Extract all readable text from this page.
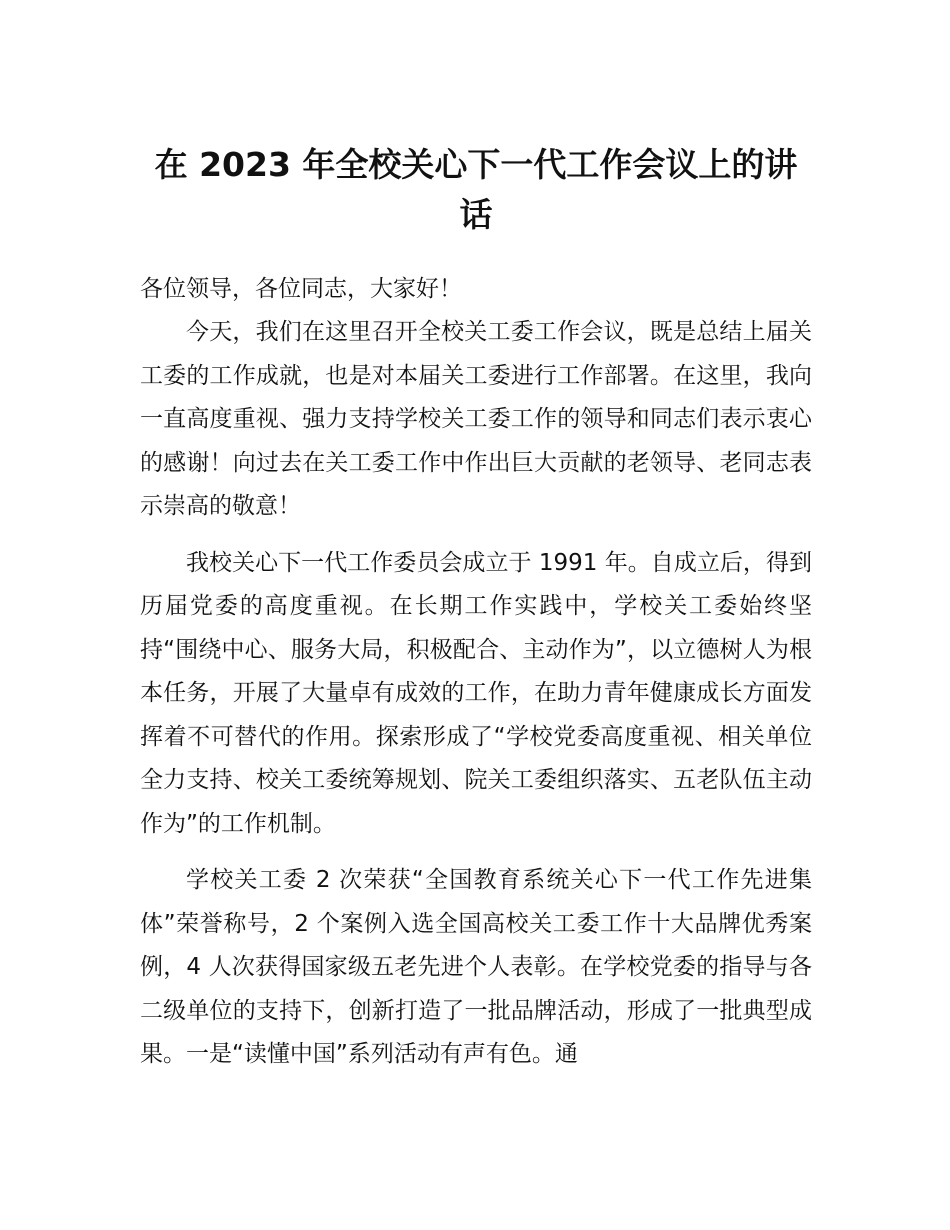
在 2023 年全校关心下一代工作会议上的讲话

各位领导，各位同志，大家好！

今天，我们在这里召开全校关工委工作会议，既是总结上届关工委的工作成就，也是对本届关工委进行工作部署。在这里，我向一直高度重视、强力支持学校关工委工作的领导和同志们表示衷心的感谢！向过去在关工委工作中作出巨大贡献的老领导、老同志表示崇高的敬意！

我校关心下一代工作委员会成立于 1991 年。自成立后，得到历届党委的高度重视。在长期工作实践中，学校关工委始终坚持“围绕中心、服务大局，积极配合、主动作为”，以立德树人为根本任务，开展了大量卓有成效的工作，在助力青年健康成长方面发挥着不可替代的作用。探索形成了“学校党委高度重视、相关单位全力支持、校关工委统筹规划、院关工委组织落实、五老队伍主动作为”的工作机制。

学校关工委 2 次荣获“全国教育系统关心下一代工作先进集体”荣誉称号，2 个案例入选全国高校关工委工作十大品牌优秀案例，4 人次获得国家级五老先进个人表彰。在学校党委的指导与各二级单位的支持下，创新打造了一批品牌活动，形成了一批典型成果。一是“读懂中国”系列活动有声有色。通
